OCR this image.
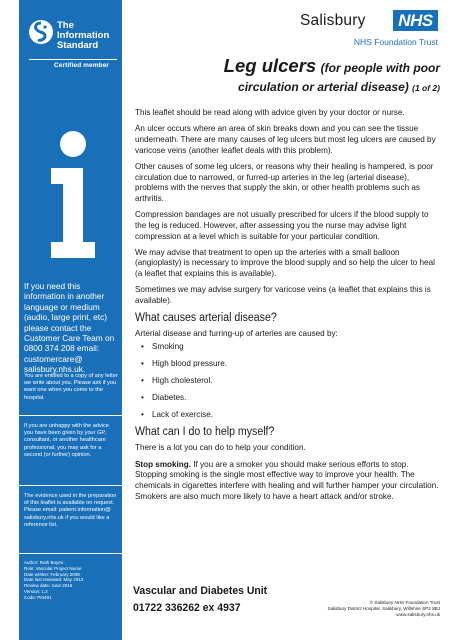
The
Information
Standard
Certified member
If you need this information in another language or medium (audio, large print, etc) please contact the Customer Care Team on 0800 374 208 email: customercare@ salisbury.nhs.uk.
You are entitled to a copy of any letter we write about you. Please ask if you want one when you come to the hospital.
If you are unhappy with the advice you have been given by your GP, consultant, or another healthcare professional, you may ask for a second (or further) opinion.
The evidence used in the preparation of this leaflet is available on request. Please email: patient.information@ salisbury.nhs.uk if you would like a reference list.
Author: Ruth Boyes
Role: Vascular Project Nurse
Date written: February 2008
Date last reviewed: May 2013
Review date: June 2016
Version: 1.2
Code: PI0491
Salisbury	NHS
NHS Foundation Trust
Leg ulcers (for people with poor
circulation or arterial disease) (1 of 2)

This leaflet should be read along with advice given by your doctor or nurse.

An ulcer occurs where an area of skin breaks down and you can see the tissue underneath. There are many causes of leg ulcers but most leg ulcers are caused by varicose veins (another leaflet deals with this problem).

Other causes of some leg ulcers, or reasons why their healing is hampered, is poor circulation due to narrowed, or furred-up arteries in the leg (arterial disease), problems with the nerves that supply the skin, or other health problems such as arthritis.

Compression bandages are not usually prescribed for ulcers if the blood supply to the leg is reduced. However, after assessing you the nurse may advise light compression at a level which is suitable for your particular condition.

We may advise that treatment to open up the arteries with a small balloon (angioplasty) is necessary to improve the blood supply and so help the ulcer to heal (a leaflet that explains this is available).

Sometimes we may advise surgery for varicose veins (a leaflet that explains this is available).

What causes arterial disease?

Arterial disease and furring-up of arteries are caused by:

• Smoking
• High blood pressure.
• High cholesterol.
• Diabetes.
• Lack of exercise.
What can I do to help myself?

There is a lot you can do to help your condition.

Stop smoking. If you are a smoker you should make serious efforts to stop. Stopping smoking is the single most effective way to improve your health. The chemicals in cigarettes interfere with healing and will further hamper your circulation. Smokers are also much more likely to have a heart attack and/or stroke.

Vascular and Diabetes Unit
01722 336262 ex 4937	© Salisbury NHS Foundation Trust
Salisbury District Hospital, Salisbury, Wiltshire SP2 8BJ
www.salisbury.nhs.uk
